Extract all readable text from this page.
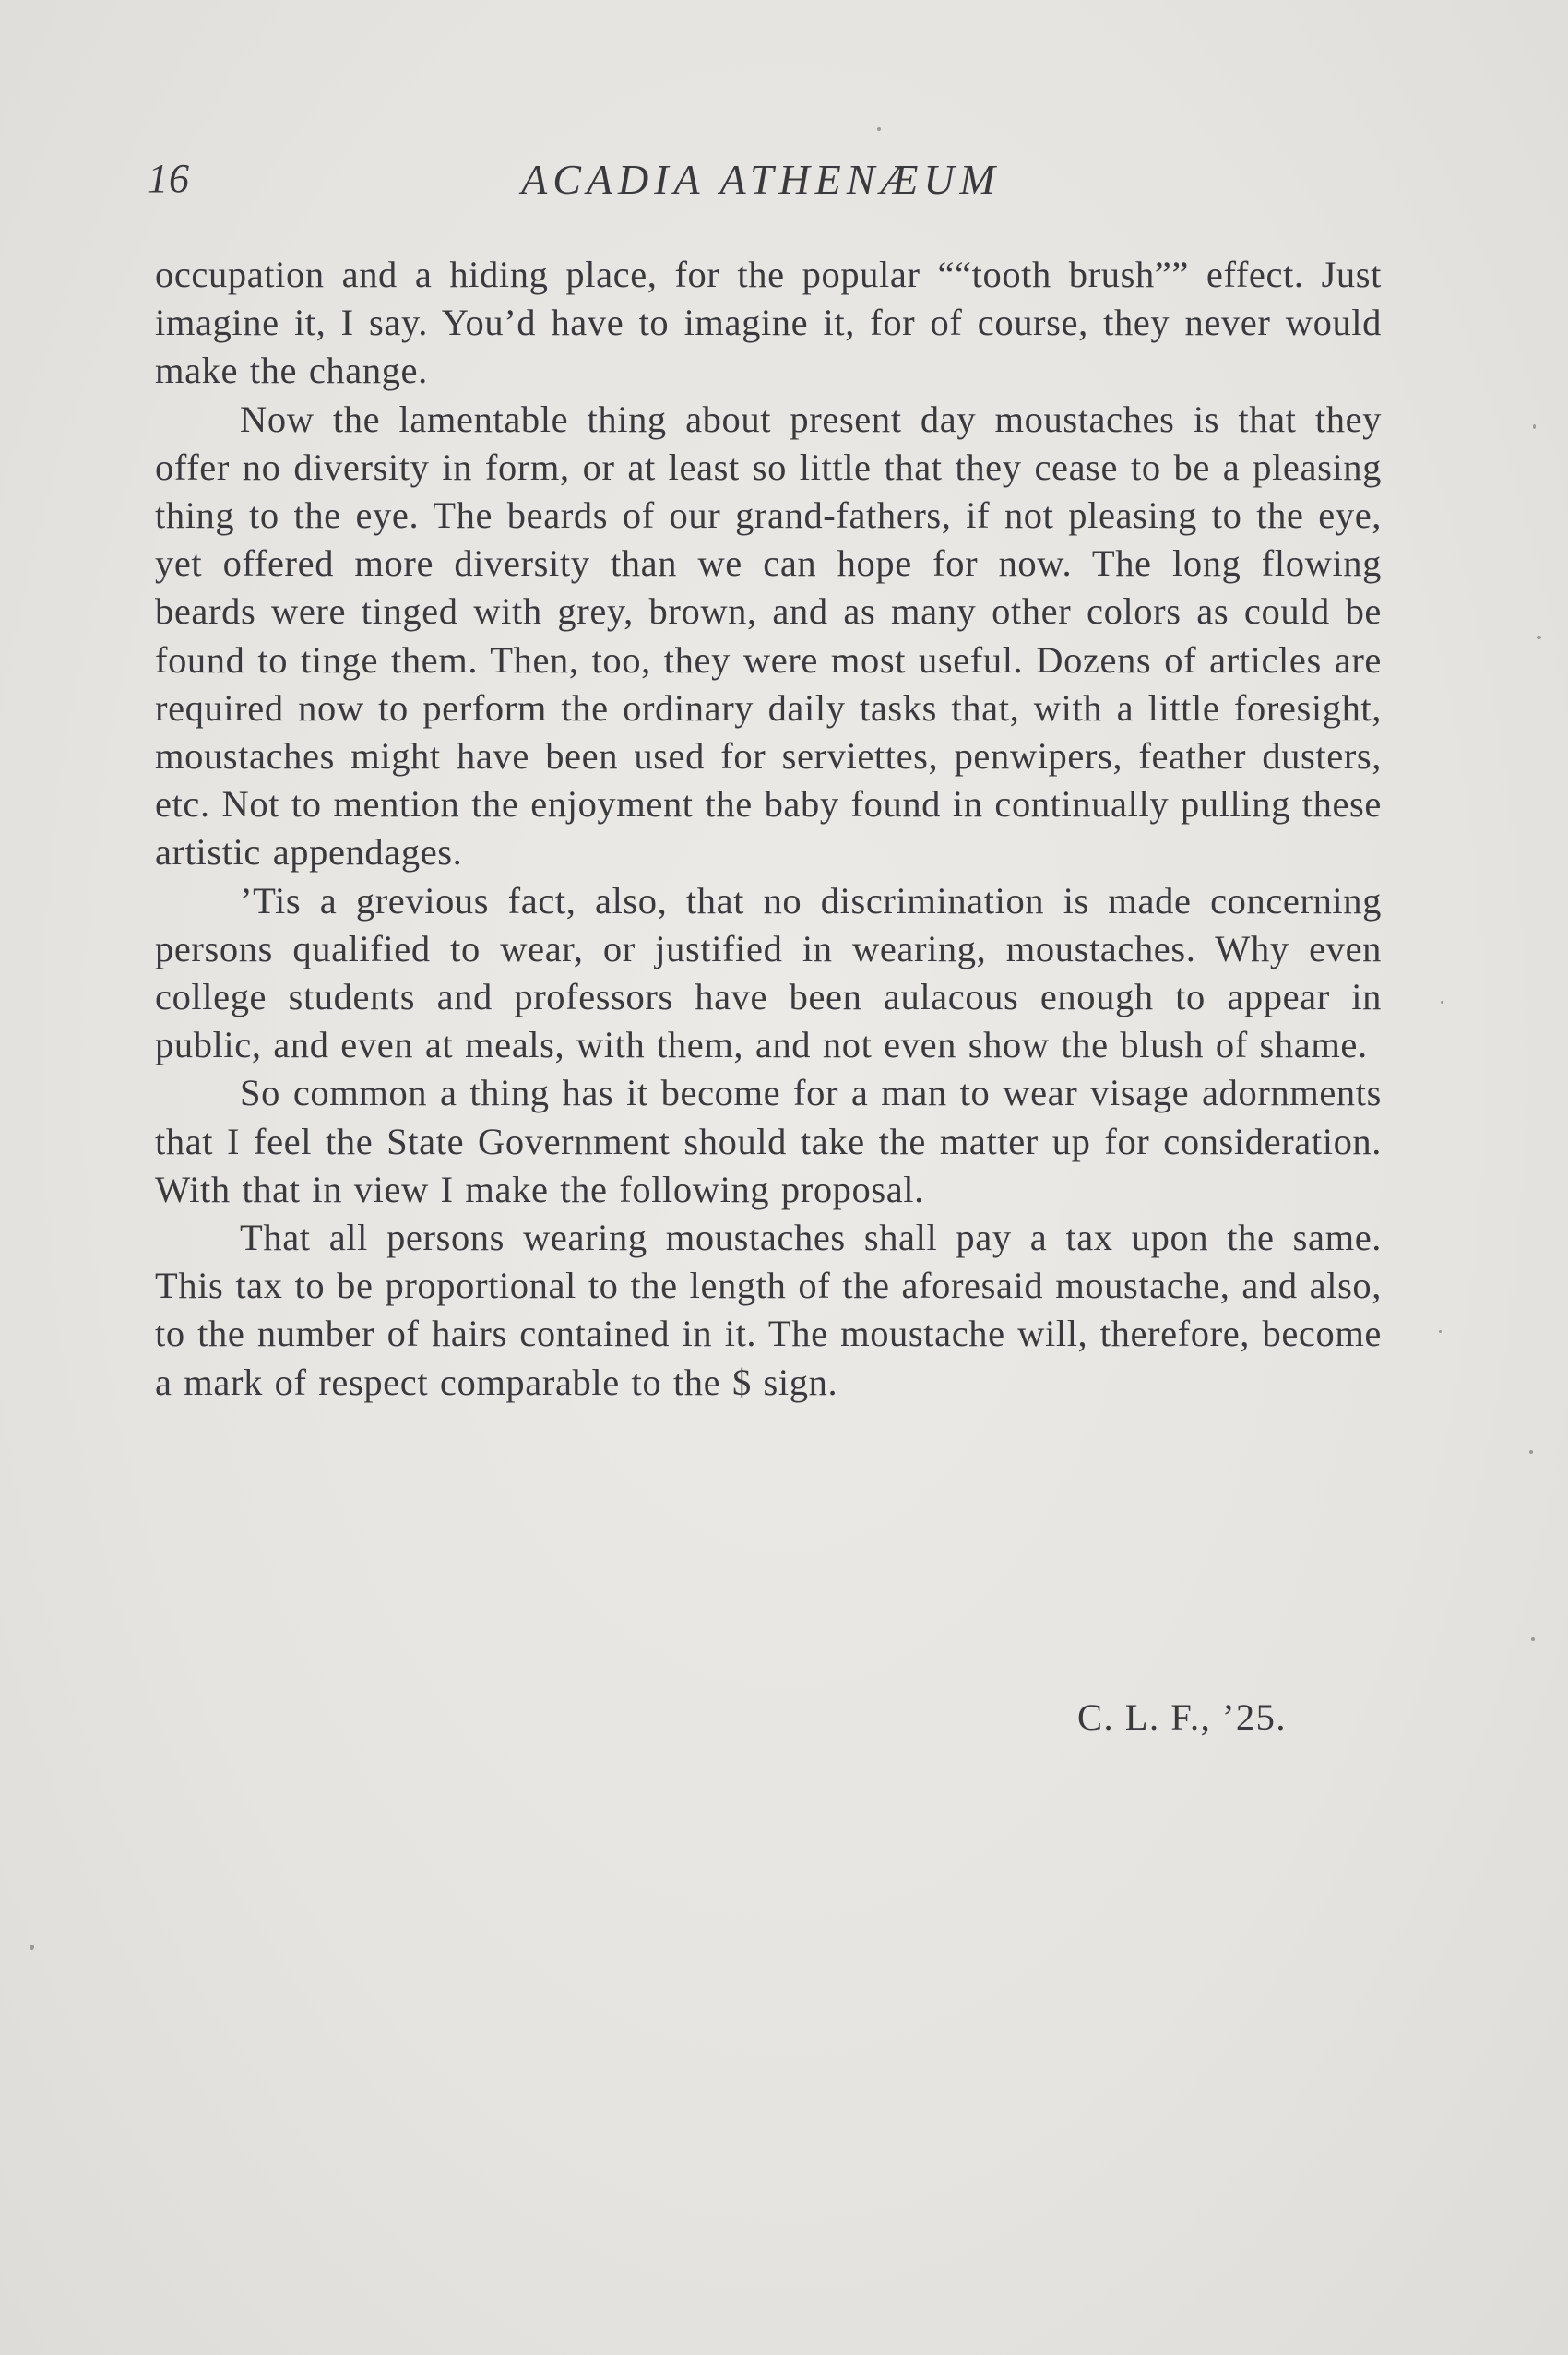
16	ACADIA ATHENÆUM

occupation and a hiding place, for the popular ““tooth brush”” effect. Just imagine it, I say. You’d have to imagine it, for of course, they never would make the change.

Now the lamentable thing about present day moustaches is that they offer no diversity in form, or at least so little that they cease to be a pleasing thing to the eye. The beards of our grand-fathers, if not pleasing to the eye, yet offered more diversity than we can hope for now. The long flowing beards were tinged with grey, brown, and as many other colors as could be found to tinge them. Then, too, they were most useful. Dozens of articles are required now to perform the ordinary daily tasks that, with a little foresight, moustaches might have been used for serviettes, penwipers, feather dusters, etc. Not to mention the enjoyment the baby found in continually pulling these artistic appendages.

’Tis a grevious fact, also, that no discrimination is made concerning persons qualified to wear, or justified in wearing, moustaches. Why even college students and professors have been aulacous enough to appear in public, and even at meals, with them, and not even show the blush of shame.

So common a thing has it become for a man to wear visage adornments that I feel the State Government should take the matter up for consideration. With that in view I make the following proposal.

That all persons wearing moustaches shall pay a tax upon the same. This tax to be proportional to the length of the aforesaid moustache, and also, to the number of hairs contained in it. The moustache will, therefore, become a mark of respect comparable to the $ sign.

C. L. F., ’25.
